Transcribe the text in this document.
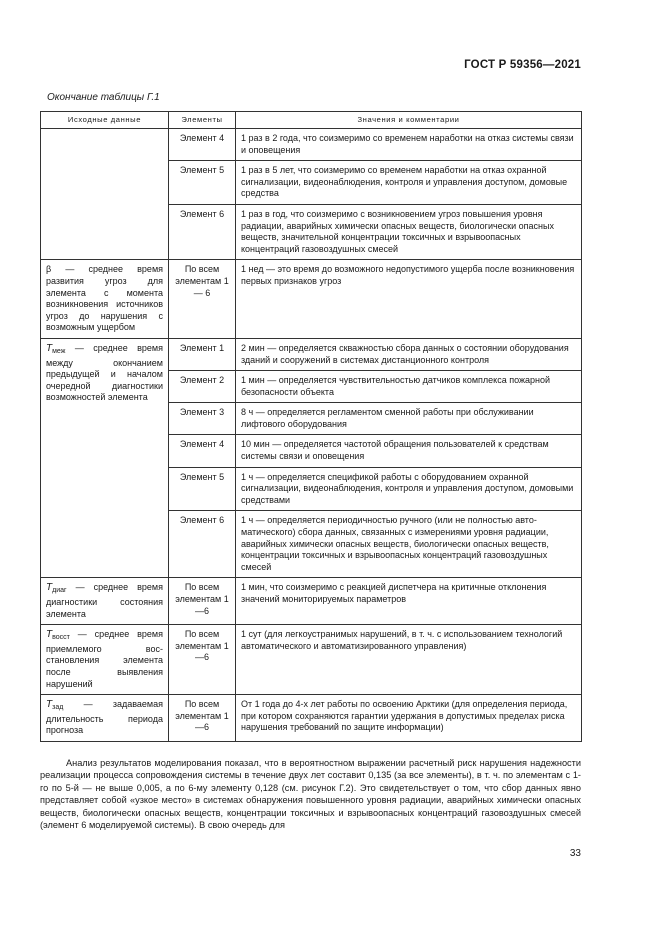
ГОСТ Р 59356—2021
Окончание таблицы Г.1
Исходные данные	Элементы	Значения и комментарии
	Элемент 4	1 раз в 2 года, что соизмеримо со временем наработки на отказ системы связи и оповещения
	Элемент 5	1 раз в 5 лет, что соизмеримо со временем наработки на отказ охранной сигнализации, видеонаблюдения, контроля и управления доступом, домовые средства
	Элемент 6	1 раз в год, что соизмеримо с возникновением угроз повышения уровня радиации, аварийных химически опасных веществ, биологически опасных веществ, значительной концентрации токсичных и взрывоопасных концентраций газовоздушных смесей
β — среднее время развития угроз для элемента с момента возникновения источников угроз до нарушения с возможным ущербом	По всем элементам 1 — 6	1 нед — это время до возможного недопустимого ущерба после возникновения первых признаков угроз
$T_{меж}$ — среднее время между окончанием предыдущей и началом очередной диагностики возможностей элемента	Элемент 1	2 мин — определяется скважностью сбора данных о состоянии оборудования зданий и сооружений в системах дистанционного контроля
	Элемент 2	1 мин — определяется чувствительностью датчиков комплекса пожарной безопасности объекта
	Элемент 3	8 ч — определяется регламентом сменной работы при обслуживании лифтового оборудования
	Элемент 4	10 мин — определяется частотой обращения пользователей к средствам системы связи и оповещения
	Элемент 5	1 ч — определяется спецификой работы с оборудованием охранной сигнализации, видеонаблюдения, контроля и управления доступом, домовыми средствами
	Элемент 6	1 ч — определяется периодичностью ручного (или не полностью автоматического) сбора данных, связанных с измерениями уровня радиации, аварийных химически опасных веществ, биологически опасных веществ, концентрации токсичных и взрывоопасных концентраций газовоздушных смесей
$T_{диаг}$ — среднее время диагностики состояния элемента	По всем элементам 1—6	1 мин, что соизмеримо с реакцией диспетчера на критичные отклонения значений мониторируемых параметров
$T_{восст}$ — среднее время приемлемого восстановления элемента после выявления нарушений	По всем элементам 1—6	1 сут (для легкоустранимых нарушений, в т. ч. с использованием технологий автоматического и автоматизированного управления)
$T_{зад}$ — задаваемая длительность периода прогноза	По всем элементам 1—6	От 1 года до 4-х лет работы по освоению Арктики (для определения периода, при котором сохраняются гарантии удержания в допустимых пределах риска нарушения требований по защите информации)
Анализ результатов моделирования показал, что в вероятностном выражении расчетный риск нарушения надежности реализации процесса сопровождения системы в течение двух лет составит 0,135 (за все элементы), в т. ч. по элементам с 1-го по 5-й — не выше 0,005, а по 6-му элементу 0,128 (см. рисунок Г.2). Это свидетельствует о том, что сбор данных явно представляет собой «узкое место» в системах обнаружения повышенного уровня радиации, аварийных химически опасных веществ, биологически опасных веществ, концентрации токсичных и взрывоопасных концентраций газовоздушных смесей (элемент 6 моделируемой системы). В свою очередь для
33
